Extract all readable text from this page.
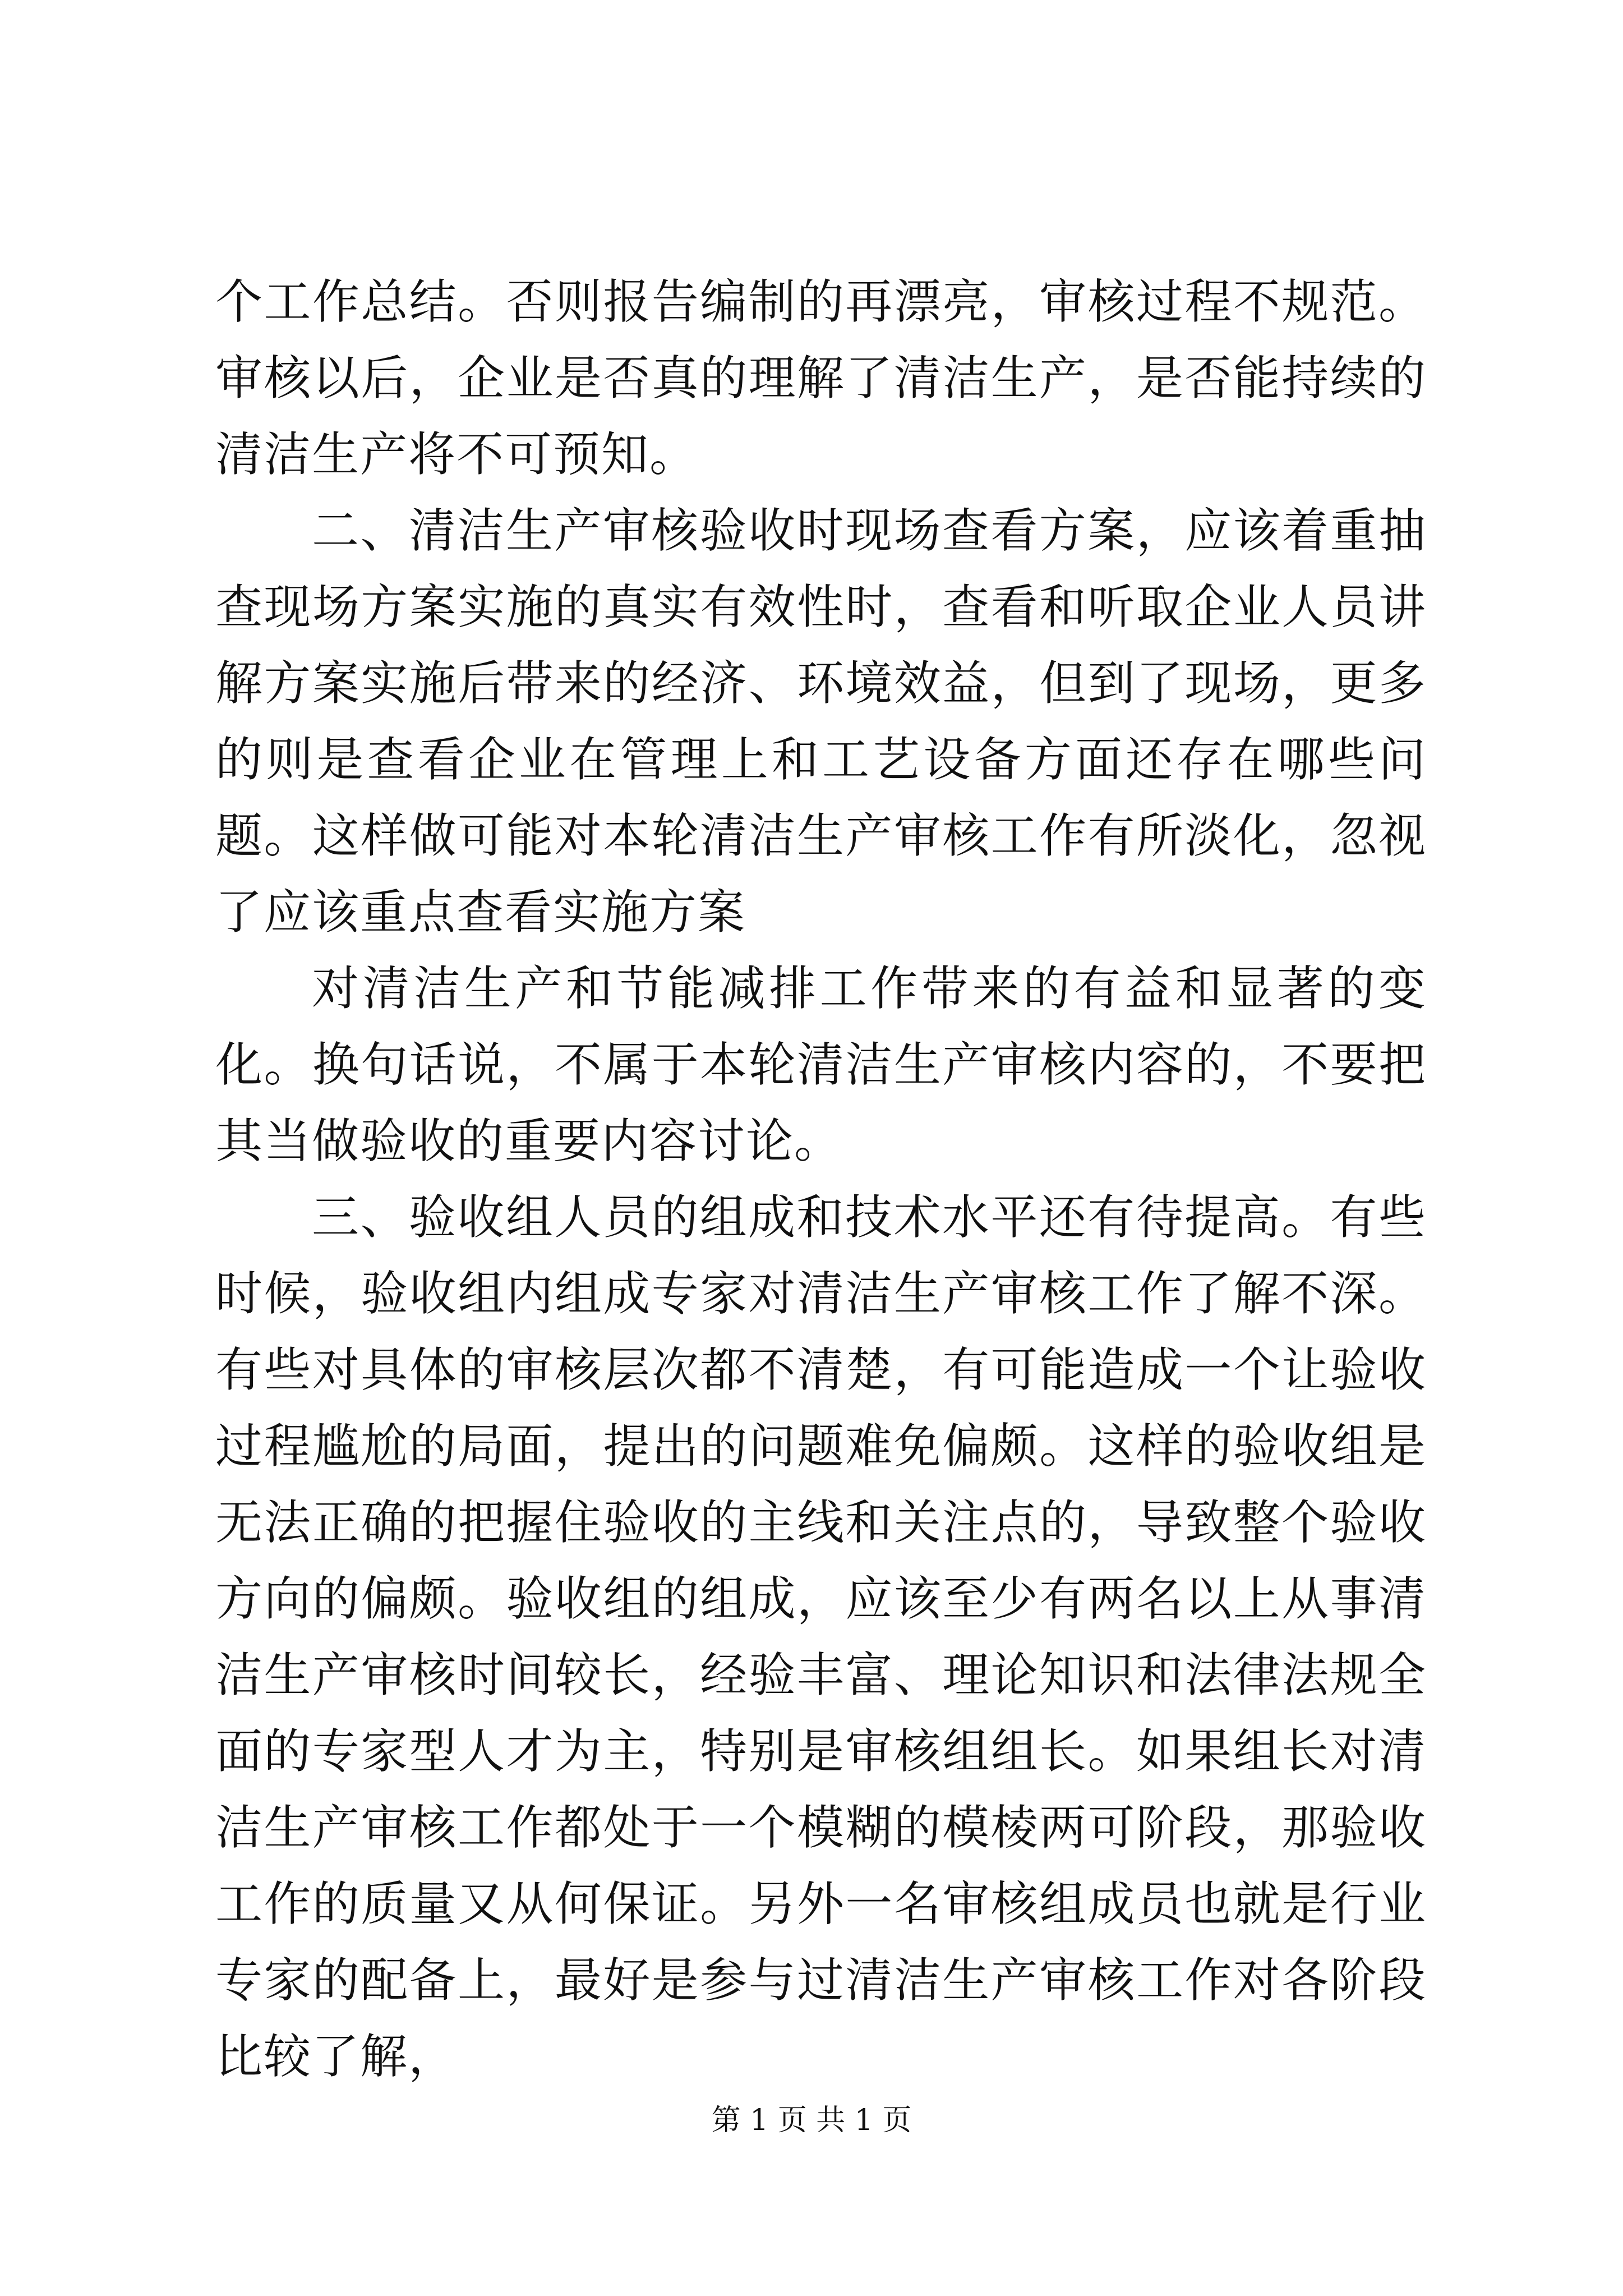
个工作总结。否则报告编制的再漂亮，审核过程不规范。审核以后，企业是否真的理解了清洁生产，是否能持续的清洁生产将不可预知。

二、清洁生产审核验收时现场查看方案，应该着重抽查现场方案实施的真实有效性时，查看和听取企业人员讲解方案实施后带来的经济、环境效益，但到了现场，更多的则是查看企业在管理上和工艺设备方面还存在哪些问题。这样做可能对本轮清洁生产审核工作有所淡化，忽视了应该重点查看实施方案

对清洁生产和节能减排工作带来的有益和显著的变化。换句话说，不属于本轮清洁生产审核内容的，不要把其当做验收的重要内容讨论。

三、验收组人员的组成和技术水平还有待提高。有些时候，验收组内组成专家对清洁生产审核工作了解不深。有些对具体的审核层次都不清楚，有可能造成一个让验收过程尴尬的局面，提出的问题难免偏颇。这样的验收组是无法正确的把握住验收的主线和关注点的，导致整个验收方向的偏颇。验收组的组成，应该至少有两名以上从事清洁生产审核时间较长，经验丰富、理论知识和法律法规全面的专家型人才为主，特别是审核组组长。如果组长对清洁生产审核工作都处于一个模糊的模棱两可阶段，那验收工作的质量又从何保证。另外一名审核组成员也就是行业专家的配备上，最好是参与过清洁生产审核工作对各阶段比较了解，

第 1 页 共 1 页
